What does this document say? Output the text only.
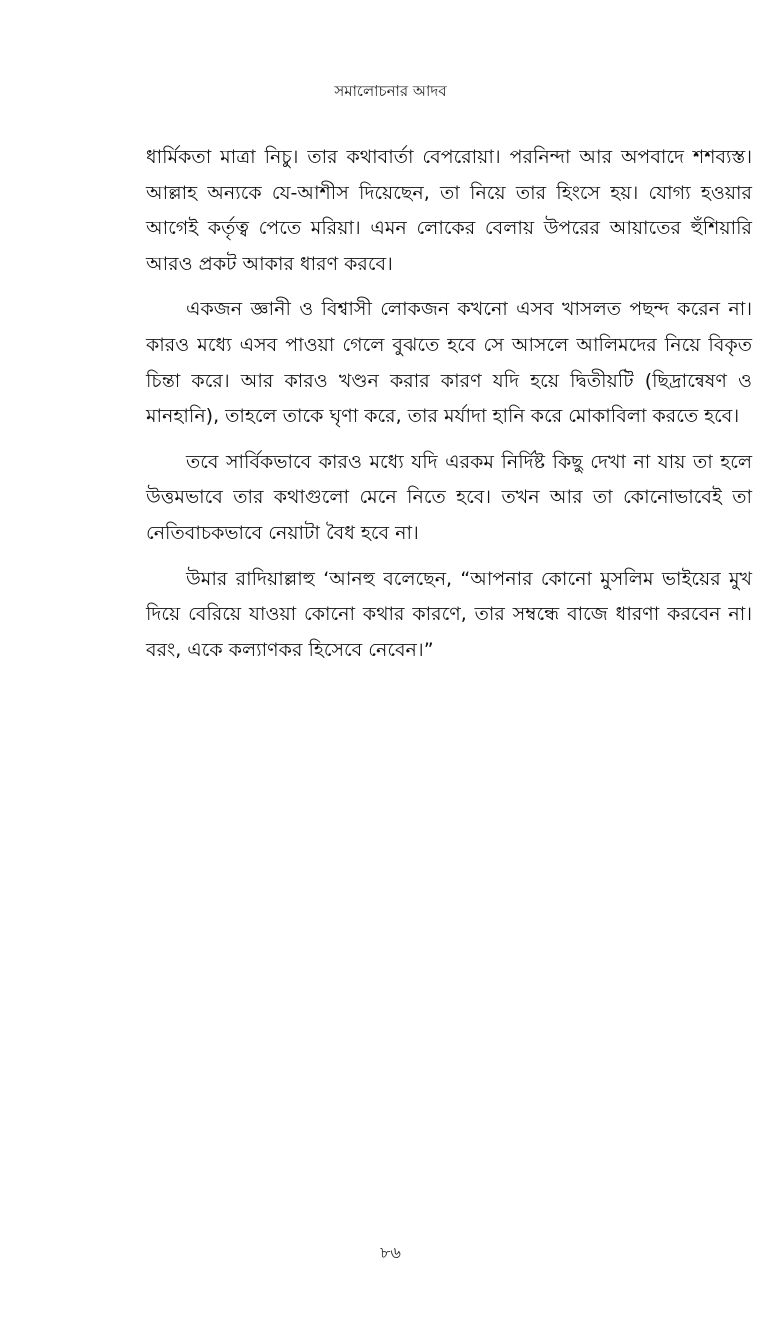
সমালোচনার আদব

ধার্মিকতা মাত্রা নিচু। তার কথাবার্তা বেপরোয়া। পরনিন্দা আর অপবাদে শশব্যস্ত। আল্লাহ অন্যকে যে-আশীস দিয়েছেন, তা নিয়ে তার হিংসে হয়। যোগ্য হওয়ার আগেই কর্তৃত্ব পেতে মরিয়া। এমন লোকের বেলায় উপরের আয়াতের হুঁশিয়ারি আরও প্রকট আকার ধারণ করবে।

একজন জ্ঞানী ও বিশ্বাসী লোকজন কখনো এসব খাসলত পছন্দ করেন না। কারও মধ্যে এসব পাওয়া গেলে বুঝতে হবে সে আসলে আলিমদের নিয়ে বিকৃত চিন্তা করে। আর কারও খণ্ডন করার কারণ যদি হয়ে দ্বিতীয়টি (ছিদ্রান্বেষণ ও মানহানি), তাহলে তাকে ঘৃণা করে, তার মর্যাদা হানি করে মোকাবিলা করতে হবে।

তবে সার্বিকভাবে কারও মধ্যে যদি এরকম নির্দিষ্ট কিছু দেখা না যায় তা হলে উত্তমভাবে তার কথাগুলো মেনে নিতে হবে। তখন আর তা কোনোভাবেই তা নেতিবাচকভাবে নেয়াটা বৈধ হবে না।

উমার রাদিয়াল্লাহু ‘আনহু বলেছেন, “আপনার কোনো মুসলিম ভাইয়ের মুখ দিয়ে বেরিয়ে যাওয়া কোনো কথার কারণে, তার সম্বন্ধে বাজে ধারণা করবেন না। বরং, একে কল্যাণকর হিসেবে নেবেন।”

৮৬
